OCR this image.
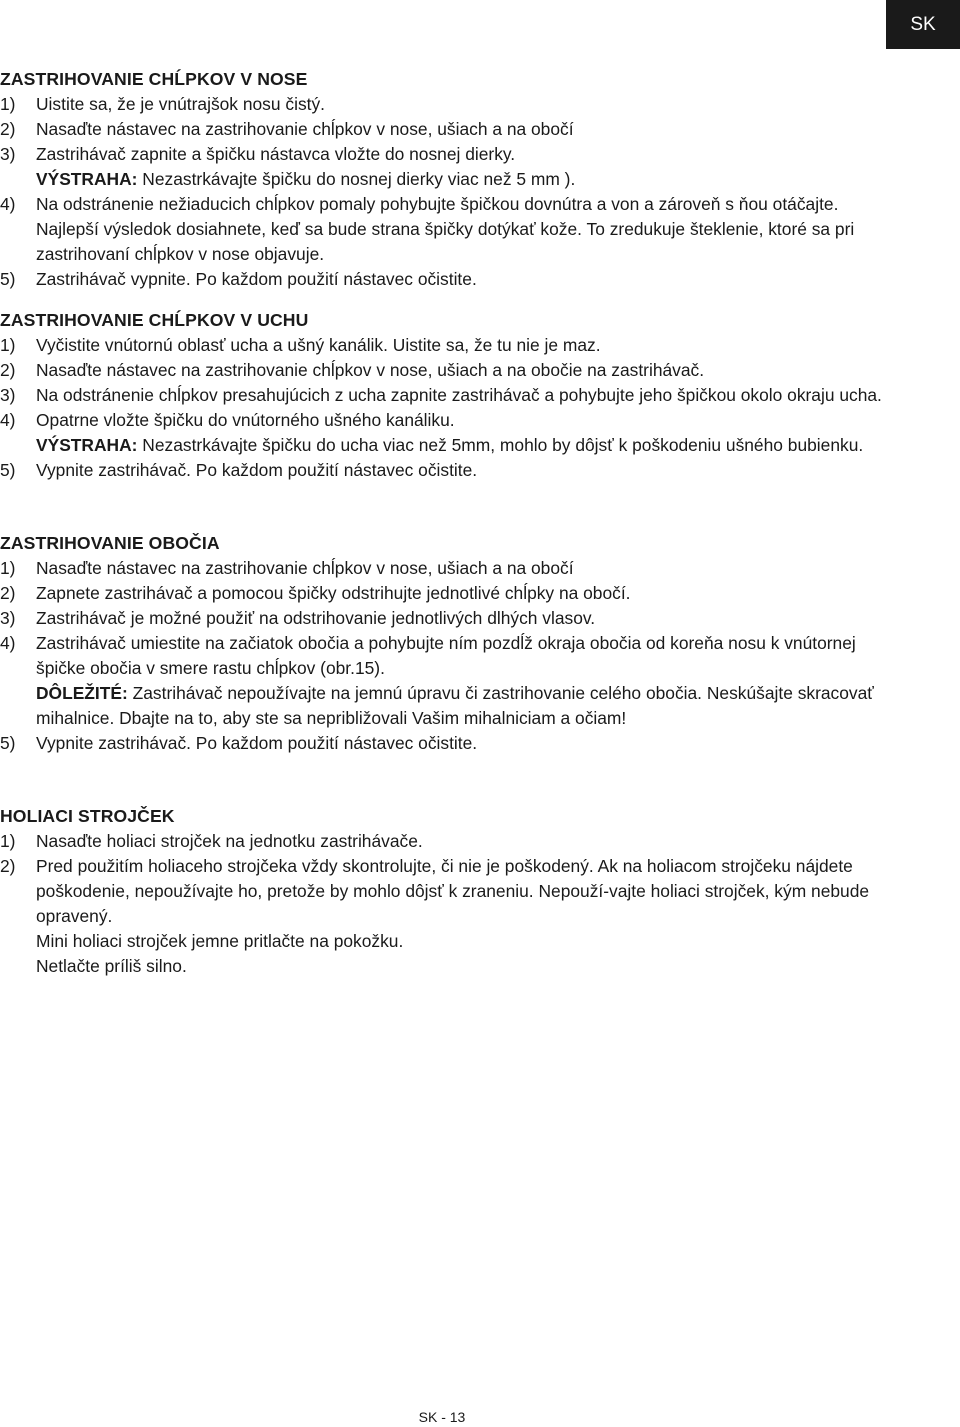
SK
ZASTRIHOVANIE CHĹPKOV V NOSE
1) Uistite sa, že je vnútrajšok nosu čistý.
2) Nasaďte nástavec na zastrihovanie chĺpkov v nose, ušiach a na obočí
3) Zastrihávač zapnite a špičku nástavca vložte do nosnej dierky.
VÝSTRAHA: Nezastrkávajte špičku do nosnej dierky viac než 5 mm ).
4) Na odstránenie nežiaducich chĺpkov pomaly pohybujte špičkou dovnútra a von a zároveň s ňou otáčajte. Najlepší výsledok dosiahnete, keď sa bude strana špičky dotýkať kože. To zredukuje šteklenie, ktoré sa pri zastrihovaní chĺpkov v nose objavuje.
5) Zastrihávač vypnite. Po každom použití nástavec očistite.
ZASTRIHOVANIE CHĹPKOV V UCHU
1) Vyčistite vnútornú oblasť ucha a ušný kanálik. Uistite sa, že tu nie je maz.
2) Nasaďte nástavec na zastrihovanie chĺpkov v nose, ušiach a na obočie na zastrihávač.
3) Na odstránenie chĺpkov presahujúcich z ucha zapnite zastrihávač a pohybujte jeho špičkou okolo okraju ucha.
4) Opatrne vložte špičku do vnútorného ušného kanáliku.
VÝSTRAHA: Nezastrkávajte špičku do ucha viac než 5mm, mohlo by dôjsť k poškodeniu ušného bubienku.
5) Vypnite zastrihávač. Po každom použití nástavec očistite.
ZASTRIHOVANIE OBOČIA
1) Nasaďte nástavec na zastrihovanie chĺpkov v nose, ušiach a na obočí
2) Zapnete zastrihávač a pomocou špičky odstrihujte jednotlivé chĺpky na obočí.
3) Zastrihávač je možné použiť na odstrihovanie jednotlivých dlhých vlasov.
4) Zastrihávač umiestite na začiatok obočia a pohybujte ním pozdĺž okraja obočia od koreňa nosu k vnútornej špičke obočia v smere rastu chĺpkov (obr.15).
DÔLEŽITÉ: Zastrihávač nepoužívajte na jemnú úpravu či zastrihovanie celého obočia. Neskúšajte skracovať mihalnice. Dbajte na to, aby ste sa nepribližovali Vašim mihalniciam a očiam!
5) Vypnite zastrihávač. Po každom použití nástavec očistite.
HOLIACI STROJČEK
1) Nasaďte holiaci strojček na jednotku zastrihávače.
2) Pred použitím holiaceho strojčeka vždy skontrolujte, či nie je poškodený. Ak na holiacom strojčeku nájdete poškodenie, nepoužívajte ho, pretože by mohlo dôjsť k zraneniu. Nepouží-vajte holiaci strojček, kým nebude opravený.
Mini holiaci strojček jemne pritlačte na pokožku.
Netlačte príliš silno.
SK - 13
